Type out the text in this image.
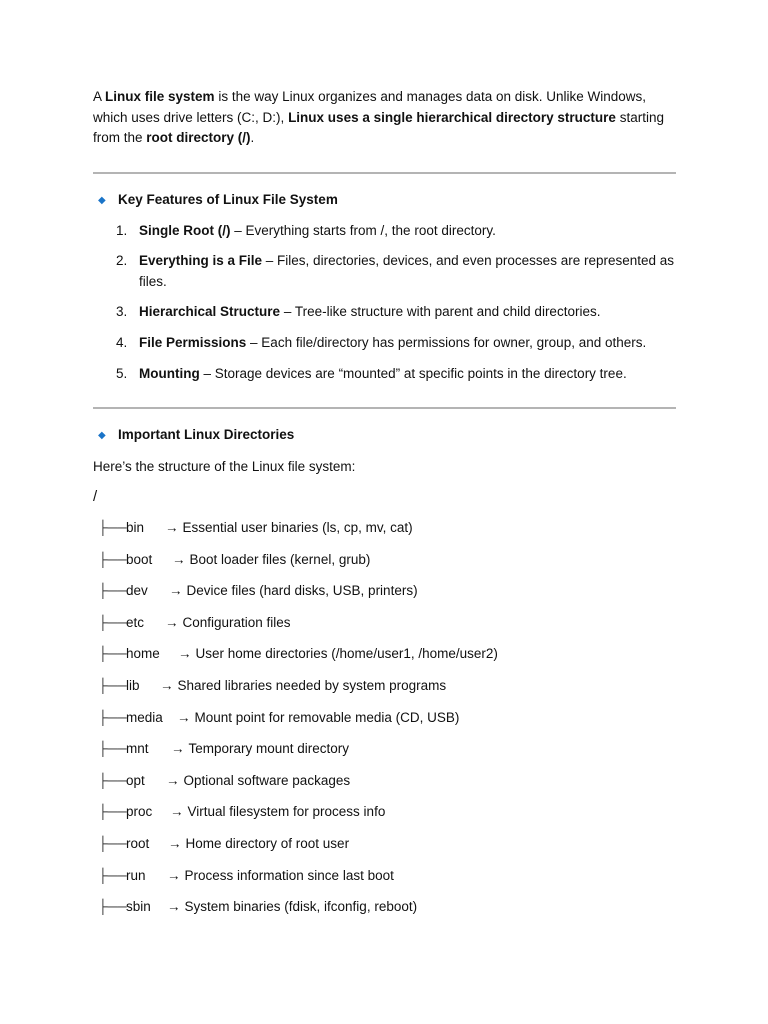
A Linux file system is the way Linux organizes and manages data on disk. Unlike Windows, which uses drive letters (C:, D:), Linux uses a single hierarchical directory structure starting from the root directory (/).
◆ Key Features of Linux File System
1. Single Root (/) – Everything starts from /, the root directory.
2. Everything is a File – Files, directories, devices, and even processes are represented as files.
3. Hierarchical Structure – Tree-like structure with parent and child directories.
4. File Permissions – Each file/directory has permissions for owner, group, and others.
5. Mounting – Storage devices are “mounted” at specific points in the directory tree.
◆ Important Linux Directories
Here’s the structure of the Linux file system:
/
├──bin → Essential user binaries (ls, cp, mv, cat)
├──boot → Boot loader files (kernel, grub)
├──dev → Device files (hard disks, USB, printers)
├──etc → Configuration files
├──home → User home directories (/home/user1, /home/user2)
├──lib → Shared libraries needed by system programs
├──media → Mount point for removable media (CD, USB)
├──mnt → Temporary mount directory
├──opt → Optional software packages
├──proc → Virtual filesystem for process info
├──root → Home directory of root user
├──run → Process information since last boot
├──sbin → System binaries (fdisk, ifconfig, reboot)
